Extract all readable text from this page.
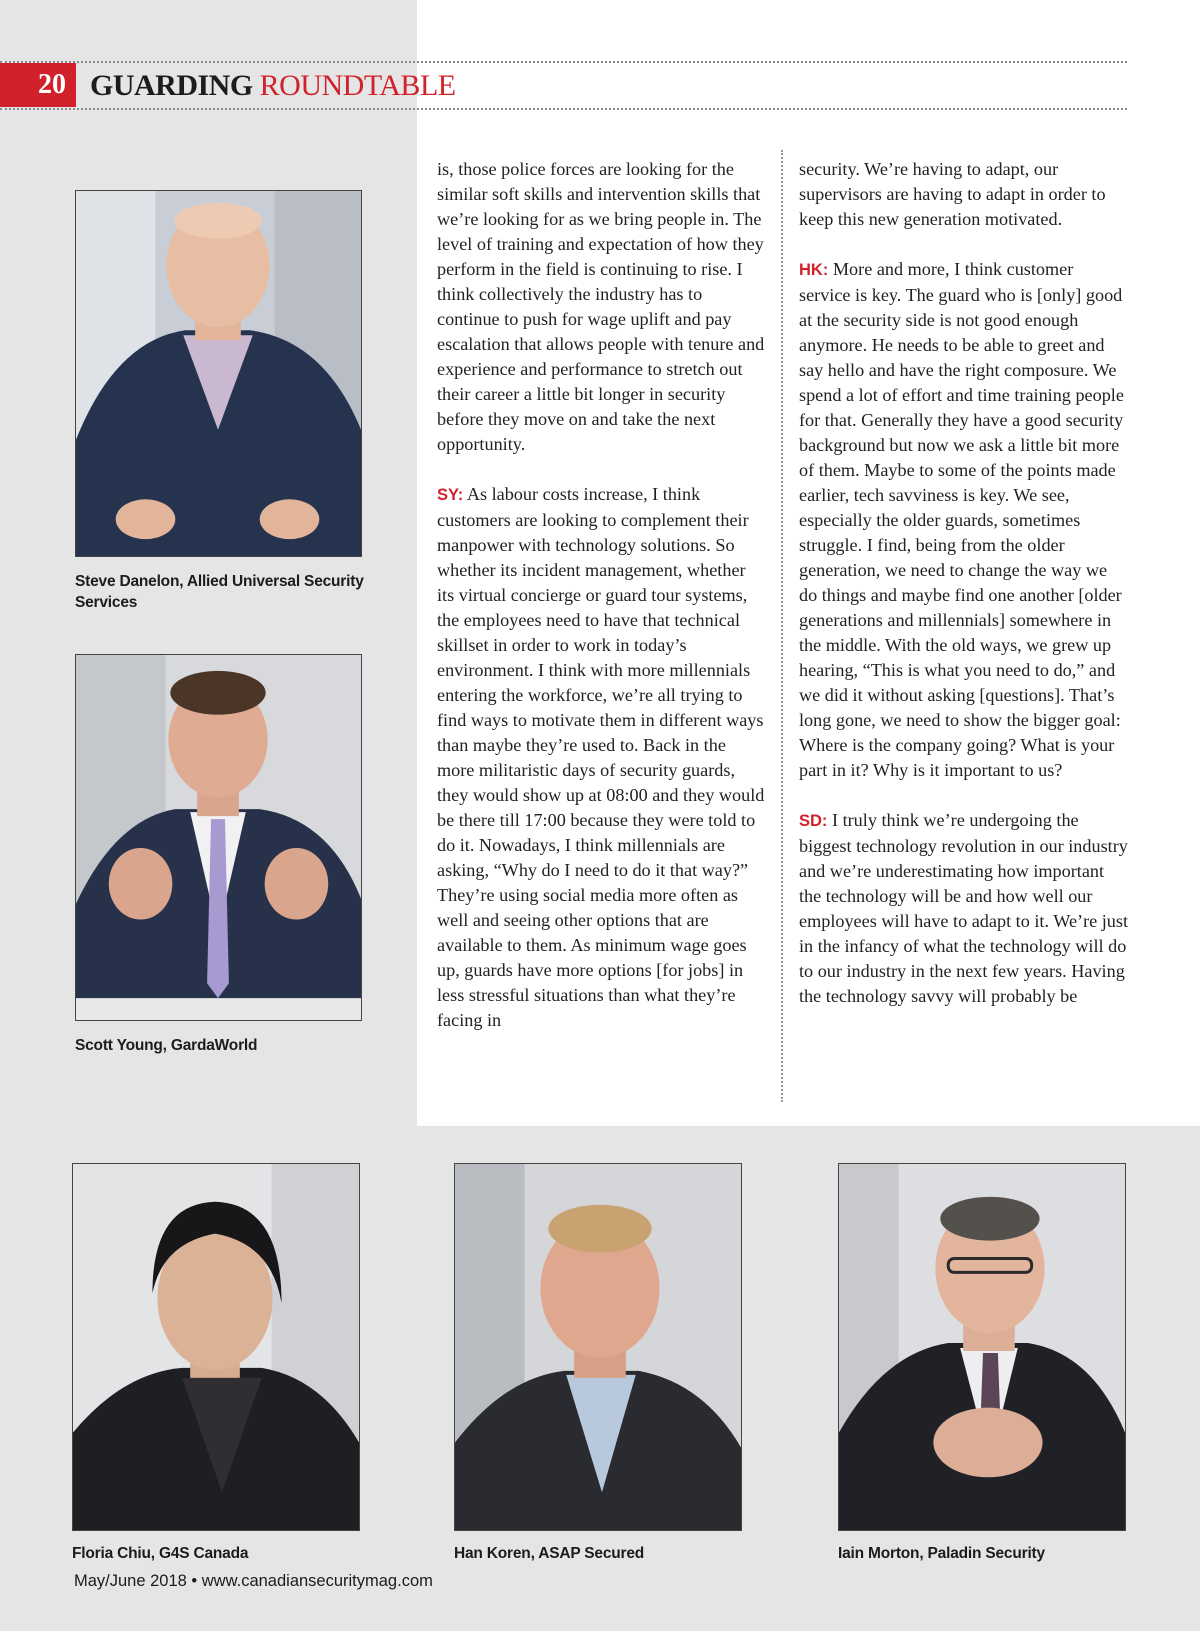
20 GUARDING ROUNDTABLE
Steve Danelon, Allied Universal Security Services
Scott Young, GardaWorld

is, those police forces are looking for the similar soft skills and intervention skills that we’re looking for as we bring people in. The level of training and expectation of how they perform in the field is continuing to rise. I think collectively the industry has to continue to push for wage uplift and pay escalation that allows people with tenure and experience and performance to stretch out their career a little bit longer in security before they move on and take the next opportunity.

SY: As labour costs increase, I think customers are looking to complement their manpower with technology solutions. So whether its incident management, whether its virtual concierge or guard tour systems, the employees need to have that technical skillset in order to work in today’s environment. I think with more millennials entering the workforce, we’re all trying to find ways to motivate them in different ways than maybe they’re used to. Back in the more militaristic days of security guards, they would show up at 08:00 and they would be there till 17:00 because they were told to do it. Nowadays, I think millennials are asking, “Why do I need to do it that way?” They’re using social media more often as well and seeing other options that are available to them. As minimum wage goes up, guards have more options [for jobs] in less stressful situations than what they’re facing in

security. We’re having to adapt, our supervisors are having to adapt in order to keep this new generation motivated.

HK: More and more, I think customer service is key. The guard who is [only] good at the security side is not good enough anymore. He needs to be able to greet and say hello and have the right composure. We spend a lot of effort and time training people for that. Generally they have a good security background but now we ask a little bit more of them. Maybe to some of the points made earlier, tech savviness is key. We see, especially the older guards, sometimes struggle. I find, being from the older generation, we need to change the way we do things and maybe find one another [older generations and millennials] somewhere in the middle. With the old ways, we grew up hearing, “This is what you need to do,” and we did it without asking [questions]. That’s long gone, we need to show the bigger goal: Where is the company going? What is your part in it? Why is it important to us?

SD: I truly think we’re undergoing the biggest technology revolution in our industry and we’re underestimating how important the technology will be and how well our employees will have to adapt to it. We’re just in the infancy of what the technology will do to our industry in the next few years. Having the technology savvy will probably be

Floria Chiu, G4S Canada	Han Koren, ASAP Secured	Iain Morton, Paladin Security
May/June 2018 • www.canadiansecuritymag.com
